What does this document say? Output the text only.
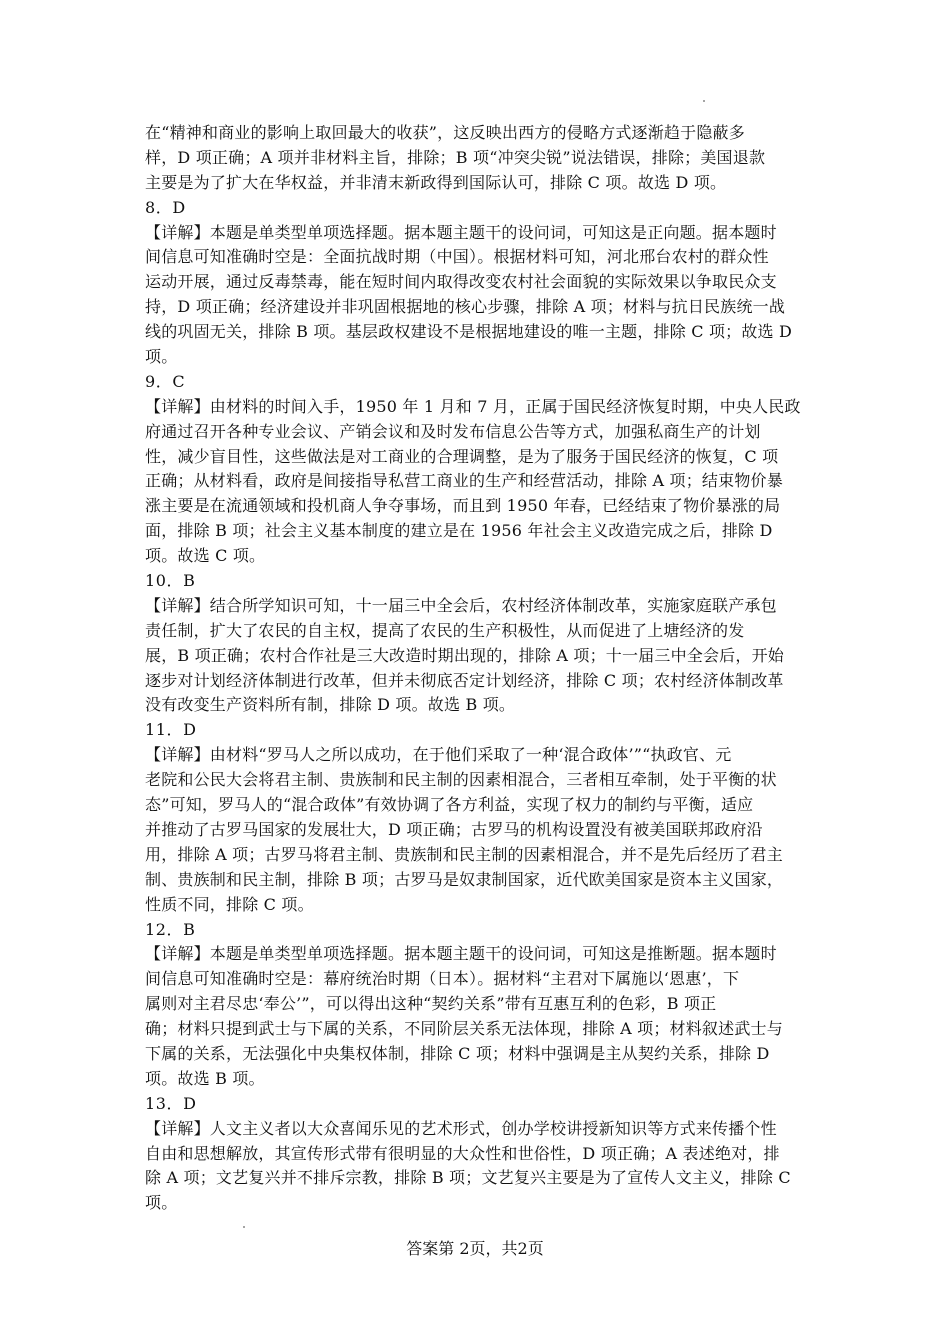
在“精神和商业的影响上取回最大的收获”，这反映出西方的侵略方式逐渐趋于隐蔽多
样，D 项正确；A 项并非材料主旨，排除；B 项“冲突尖锐”说法错误，排除；美国退款
主要是为了扩大在华权益，并非清末新政得到国际认可，排除 C 项。故选 D 项。
8．D
【详解】本题是单类型单项选择题。据本题主题干的设问词，可知这是正向题。据本题时
间信息可知准确时空是：全面抗战时期（中国）。根据材料可知，河北邢台农村的群众性
运动开展，通过反毒禁毒，能在短时间内取得改变农村社会面貌的实际效果以争取民众支
持，D 项正确；经济建设并非巩固根据地的核心步骤，排除 A 项；材料与抗日民族统一战
线的巩固无关，排除 B 项。基层政权建设不是根据地建设的唯一主题，排除 C 项；故选 D
项。
9．C
【详解】由材料的时间入手，1950 年 1 月和 7 月，正属于国民经济恢复时期，中央人民政
府通过召开各种专业会议、产销会议和及时发布信息公告等方式，加强私商生产的计划
性，减少盲目性，这些做法是对工商业的合理调整，是为了服务于国民经济的恢复，C 项
正确；从材料看，政府是间接指导私营工商业的生产和经营活动，排除 A 项；结束物价暴
涨主要是在流通领域和投机商人争夺事场，而且到 1950 年春，已经结束了物价暴涨的局
面，排除 B 项；社会主义基本制度的建立是在 1956 年社会主义改造完成之后，排除 D
项。故选 C 项。
10．B
【详解】结合所学知识可知，十一届三中全会后，农村经济体制改革，实施家庭联产承包
责任制，扩大了农民的自主权，提高了农民的生产积极性，从而促进了上塘经济的发
展，B 项正确；农村合作社是三大改造时期出现的，排除 A 项；十一届三中全会后，开始
逐步对计划经济体制进行改革，但并未彻底否定计划经济，排除 C 项；农村经济体制改革
没有改变生产资料所有制，排除 D 项。故选 B 项。
11．D
【详解】由材料“罗马人之所以成功，在于他们采取了一种‘混合政体’”“执政官、元
老院和公民大会将君主制、贵族制和民主制的因素相混合，三者相互牵制，处于平衡的状
态”可知，罗马人的“混合政体”有效协调了各方利益，实现了权力的制约与平衡，适应
并推动了古罗马国家的发展壮大，D 项正确；古罗马的机构设置没有被美国联邦政府沿
用，排除 A 项；古罗马将君主制、贵族制和民主制的因素相混合，并不是先后经历了君主
制、贵族制和民主制，排除 B 项；古罗马是奴隶制国家，近代欧美国家是资本主义国家，
性质不同，排除 C 项。
12．B
【详解】本题是单类型单项选择题。据本题主题干的设问词，可知这是推断题。据本题时
间信息可知准确时空是：幕府统治时期（日本）。据材料“主君对下属施以‘恩惠’，下
属则对主君尽忠‘奉公’”，可以得出这种“契约关系”带有互惠互利的色彩，B 项正
确；材料只提到武士与下属的关系，不同阶层关系无法体现，排除 A 项；材料叙述武士与
下属的关系，无法强化中央集权体制，排除 C 项；材料中强调是主从契约关系，排除 D
项。故选 B 项。
13．D
【详解】人文主义者以大众喜闻乐见的艺术形式，创办学校讲授新知识等方式来传播个性
自由和思想解放，其宣传形式带有很明显的大众性和世俗性，D 项正确；A 表述绝对，排
除 A 项；文艺复兴并不排斥宗教，排除 B 项；文艺复兴主要是为了宣传人文主义，排除 C
项。
答案第 2页，共2页
